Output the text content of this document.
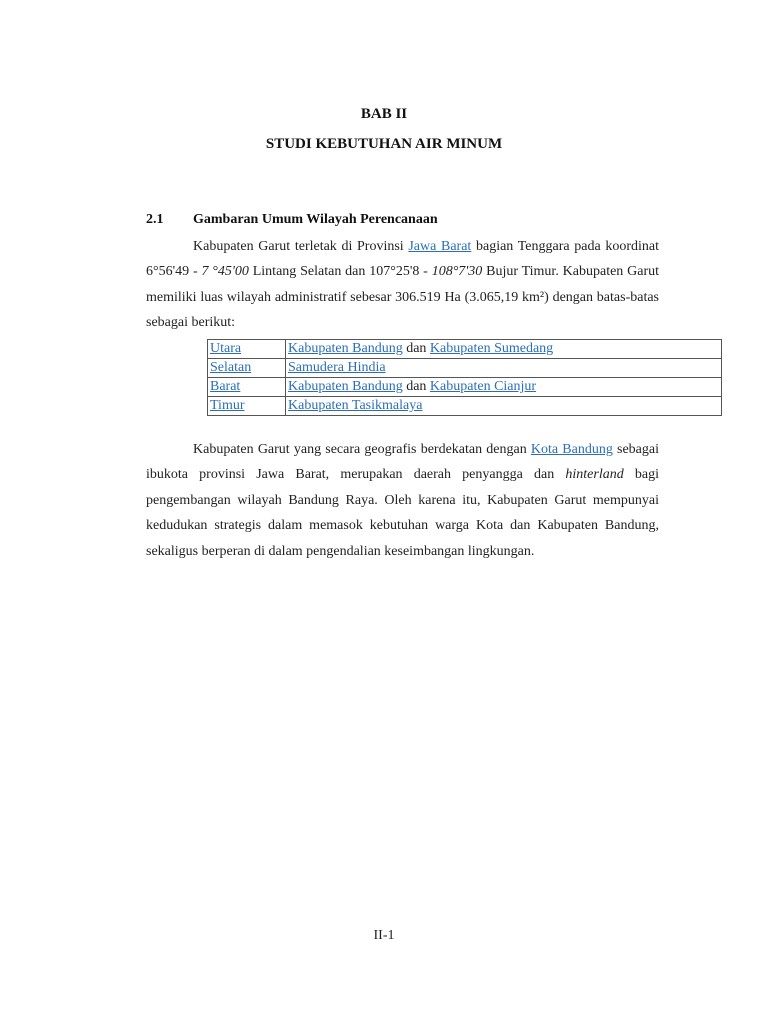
BAB II
STUDI KEBUTUHAN AIR MINUM
2.1 Gambaran Umum Wilayah Perencanaan

Kabupaten Garut terletak di Provinsi Jawa Barat bagian Tenggara pada koordinat 6°56'49 - 7 °45'00 Lintang Selatan dan 107°25'8 - 108°7'30 Bujur Timur. Kabupaten Garut memiliki luas wilayah administratif sebesar 306.519 Ha (3.065,19 km²) dengan batas-batas sebagai berikut:

Utara	Kabupaten Bandung dan Kabupaten Sumedang
Selatan	Samudera Hindia
Barat	Kabupaten Bandung dan Kabupaten Cianjur
Timur	Kabupaten Tasikmalaya

Kabupaten Garut yang secara geografis berdekatan dengan Kota Bandung sebagai ibukota provinsi Jawa Barat, merupakan daerah penyangga dan hinterland bagi pengembangan wilayah Bandung Raya. Oleh karena itu, Kabupaten Garut mempunyai kedudukan strategis dalam memasok kebutuhan warga Kota dan Kabupaten Bandung, sekaligus berperan di dalam pengendalian keseimbangan lingkungan.

II-1
